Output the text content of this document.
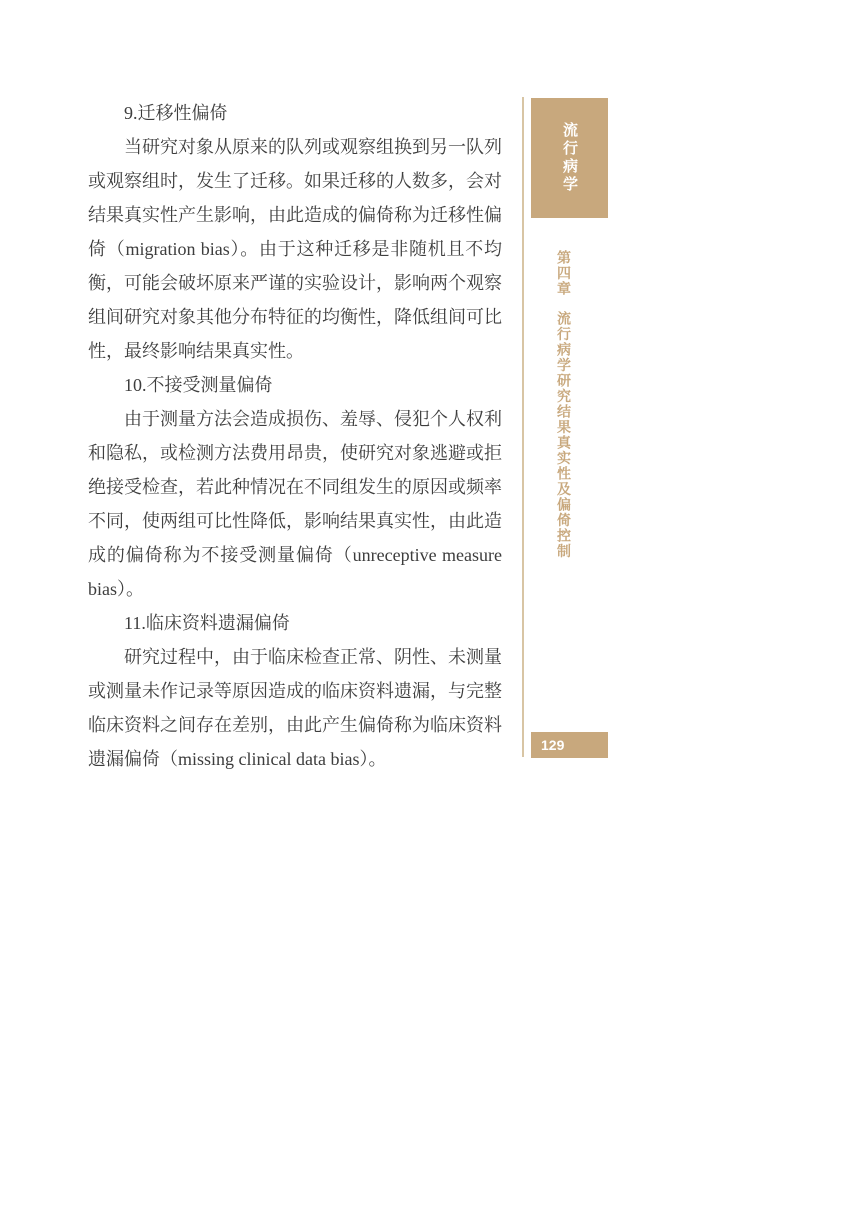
9.迁移性偏倚

当研究对象从原来的队列或观察组换到另一队列或观察组时，发生了迁移。如果迁移的人数多，会对结果真实性产生影响，由此造成的偏倚称为迁移性偏倚（migration bias）。由于这种迁移是非随机且不均衡，可能会破坏原来严谨的实验设计，影响两个观察组间研究对象其他分布特征的均衡性，降低组间可比性，最终影响结果真实性。

10.不接受测量偏倚

由于测量方法会造成损伤、羞辱、侵犯个人权利和隐私，或检测方法费用昂贵，使研究对象逃避或拒绝接受检查，若此种情况在不同组发生的原因或频率不同，使两组可比性降低，影响结果真实性，由此造成的偏倚称为不接受测量偏倚（unreceptive measure bias）。

11.临床资料遗漏偏倚

研究过程中，由于临床检查正常、阴性、未测量或测量未作记录等原因造成的临床资料遗漏，与完整临床资料之间存在差别，由此产生偏倚称为临床资料遗漏偏倚（missing clinical data bias）。

流行病学
第四章流行病学研究结果真实性及偏倚控制
129
